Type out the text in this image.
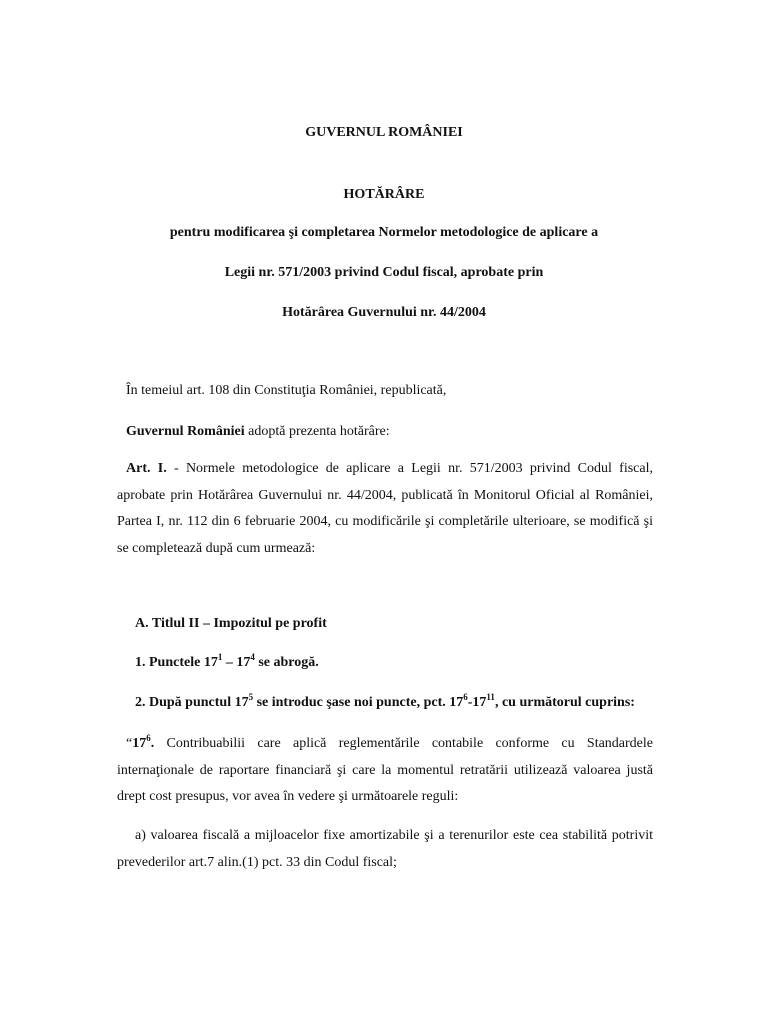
GUVERNUL ROMÂNIEI
HOTĂRÂRE
pentru modificarea şi completarea Normelor metodologice de aplicare a
Legii nr. 571/2003 privind Codul fiscal, aprobate prin
Hotărârea Guvernului nr. 44/2004
În temeiul art. 108 din Constituţia României, republicată,
Guvernul României adoptă prezenta hotărâre:
Art. I. - Normele metodologice de aplicare a Legii nr. 571/2003 privind Codul fiscal, aprobate prin Hotărârea Guvernului nr. 44/2004, publicată în Monitorul Oficial al României, Partea I, nr. 112 din 6 februarie 2004, cu modificările şi completările ulterioare, se modifică şi se completează după cum urmează:
A. Titlul II – Impozitul pe profit
1. Punctele $17^1 - 17^4$ se abrogă.
2. După punctul $17^5$ se introduc şase noi puncte, pct. $17^6-17^{11}$, cu următorul cuprins:
“$17^6$. Contribuabilii care aplică reglementările contabile conforme cu Standardele internaţionale de raportare financiară şi care la momentul retratării utilizează valoarea justă drept cost presupus, vor avea în vedere şi următoarele reguli:
a) valoarea fiscală a mijloacelor fixe amortizabile şi a terenurilor este cea stabilită potrivit prevederilor art.7 alin.(1) pct. 33 din Codul fiscal;
